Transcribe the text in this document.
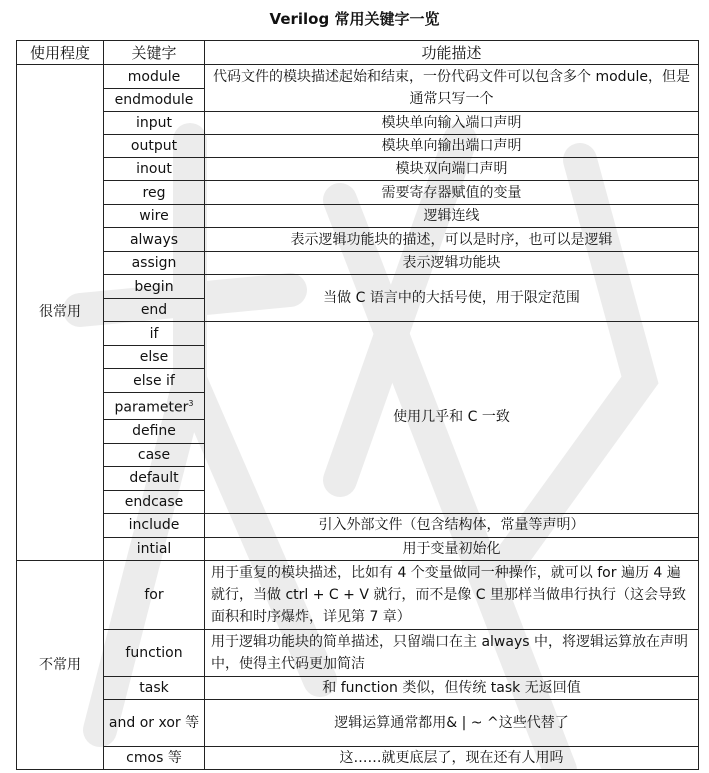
Verilog 常用关键字一览
使用程度	关键字	功能描述
很常用	module	代码文件的模块描述起始和结束，一份代码文件可以包含多个 module，但是通常只写一个
	endmodule	
	input	模块单向输入端口声明
	output	模块单向输出端口声明
	inout	模块双向端口声明
	reg	需要寄存器赋值的变量
	wire	逻辑连线
	always	表示逻辑功能块的描述，可以是时序，也可以是逻辑
	assign	表示逻辑功能块
	begin	当做 C 语言中的大括号使，用于限定范围
	end	
	if	使用几乎和 C 一致
	else	
	else if	
	parameter$^3$
	define	
	case	
	default	
	endcase	
	include	引入外部文件（包含结构体，常量等声明）
	intial	用于变量初始化
不常用	for	用于重复的模块描述，比如有 4 个变量做同一种操作，就可以 for 遍历 4 遍就行，当做 ctrl + C + V 就行，而不是像 C 里那样当做串行执行（这会导致面积和时序爆炸，详见第 7 章）
	function	用于逻辑功能块的简单描述，只留端口在主 always 中，将逻辑运算放在声明中，使得主代码更加简洁
	task	和 function 类似，但传统 task 无返回值
	and or xor 等	逻辑运算通常都用& | ~ ^这些代替了
	cmos 等	这……就更底层了，现在还有人用吗
